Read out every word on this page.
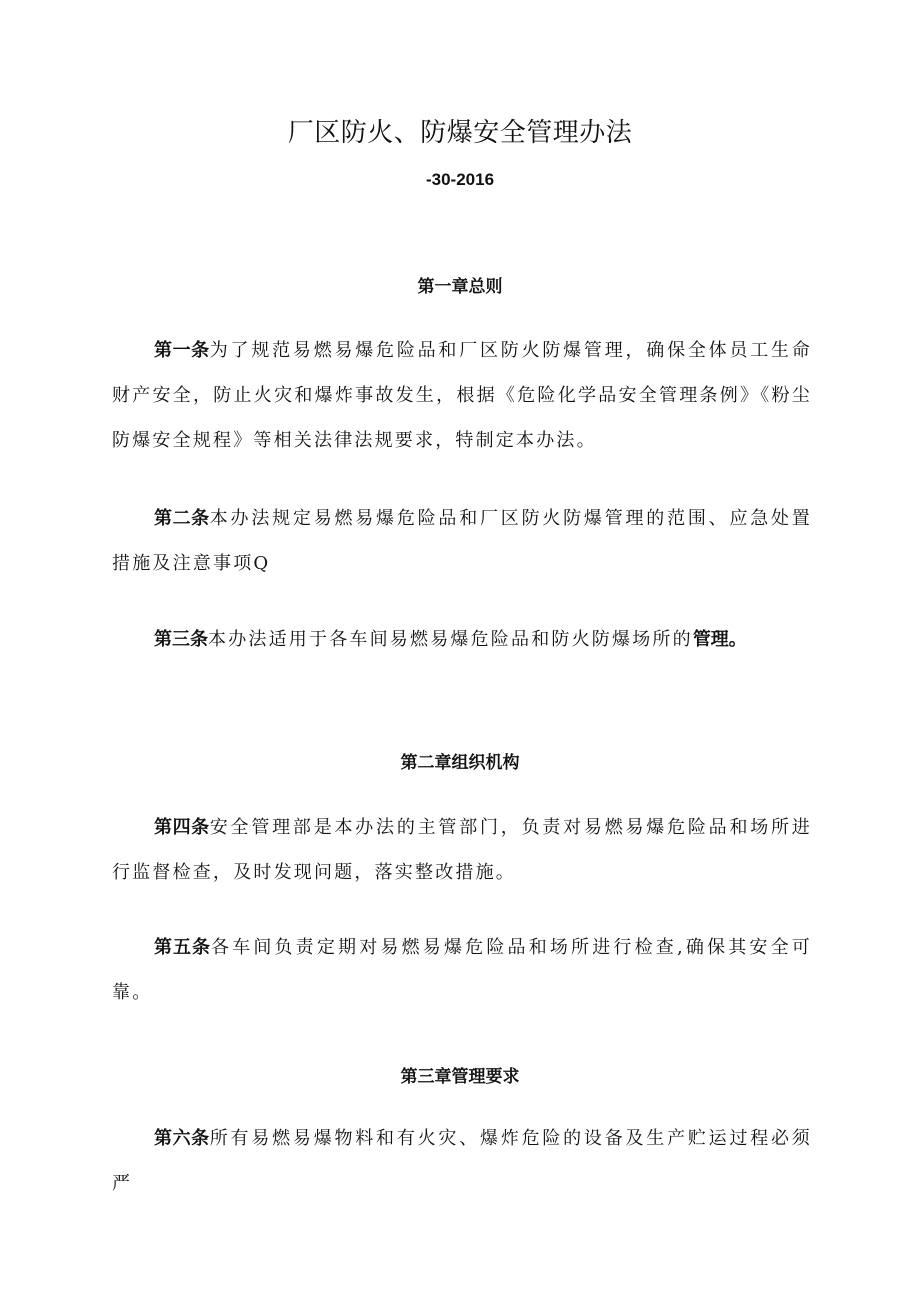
厂区防火、防爆安全管理办法
-30-2016
第一章总则

第一条为了规范易燃易爆危险品和厂区防火防爆管理，确保全体员工生命财产安全，防止火灾和爆炸事故发生，根据《危险化学品安全管理条例》《粉尘防爆安全规程》等相关法律法规要求，特制定本办法。

第二条本办法规定易燃易爆危险品和厂区防火防爆管理的范围、应急处置措施及注意事项Q

第三条本办法适用于各车间易燃易爆危险品和防火防爆场所的管理。

第二章组织机构

第四条安全管理部是本办法的主管部门，负责对易燃易爆危险品和场所进行监督检查，及时发现问题，落实整改措施。

第五条各车间负责定期对易燃易爆危险品和场所进行检查,确保其安全可靠。

第三章管理要求

第六条所有易燃易爆物料和有火灾、爆炸危险的设备及生产贮运过程必须严
